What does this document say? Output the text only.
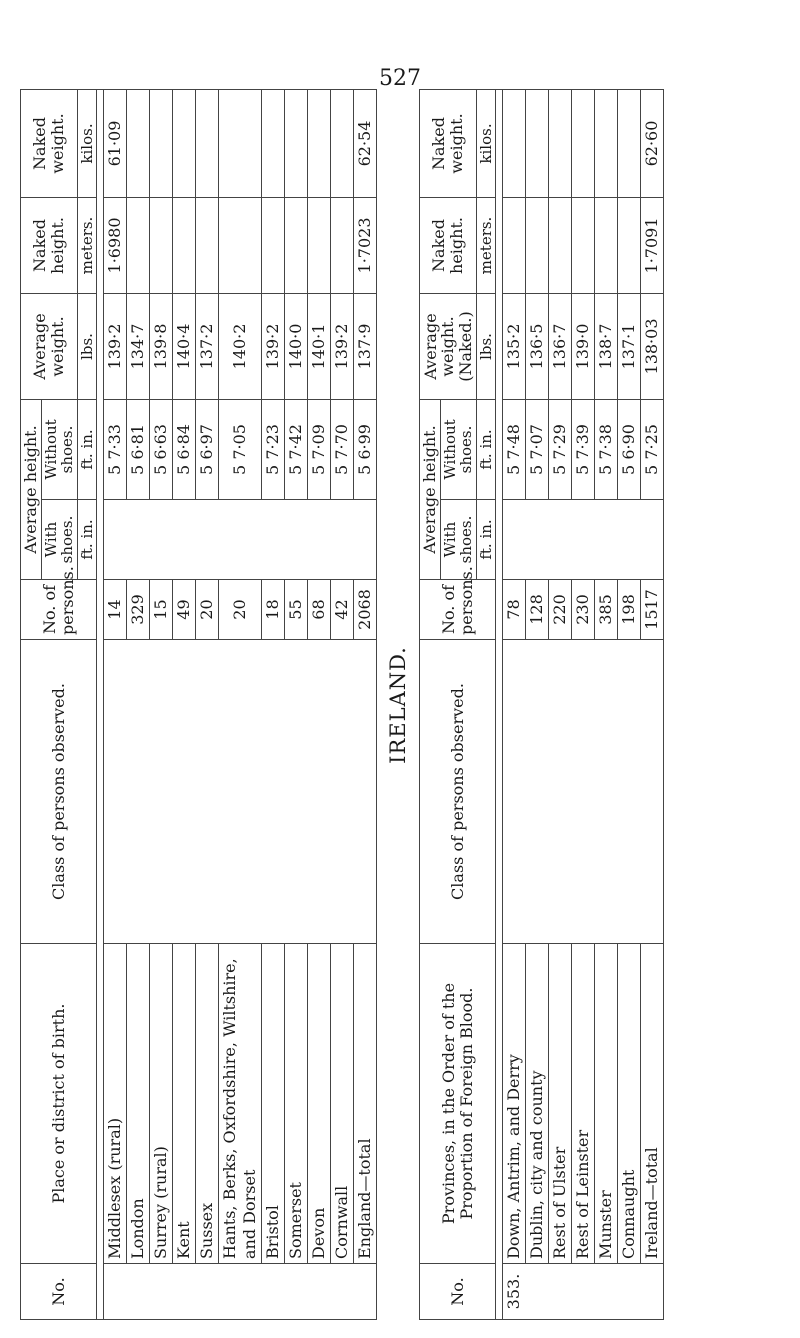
527
No.	Place or district of birth.	Class of persons observed.	No. of persons.	Average height.		Average weight.	Naked height.	Naked weight.
				With shoes.	Without shoes.			
				ft. in.	ft. in.	lbs.	meters.	kilos.

	Middlesex (rural)		14		5 7·33	139·2	1·6980	61·09
	London		329		5 6·81	134·7		
	Surrey (rural)		15		5 6·63	139·8		
	Kent		49		5 6·84	140·4		
	Sussex		20		5 6·97	137·2		
	Hants, Berks, Oxfordshire, Wiltshire, and Dorset		20		5 7·05	140·2		
	Bristol		18		5 7·23	139·2		
	Somerset		55		5 7·42	140·0		
	Devon		68		5 7·09	140·1		
	Cornwall		42		5 7·70	139·2		
	England—total		2068		5 6·99	137·9	1·7023	62·54
IRELAND.
No.	Provinces, in the Order of the Proportion of Foreign Blood.	Class of persons observed.	No. of persons.	Average height.		Average weight. (Naked.)	Naked height.	Naked weight.
				With shoes.	Without shoes.			
				ft. in.	ft. in.	lbs.	meters.	kilos.

353.	Down, Antrim, and Derry		78		5 7·48	135·2		
	Dublin, city and county		128		5 7·07	136·5		
	Rest of Ulster		220		5 7·29	136·7		
	Rest of Leinster		230		5 7·39	139·0		
	Munster		385		5 7·38	138·7		
	Connaught		198		5 6·90	137·1		
	Ireland—total		1517		5 7·25	138·03	1·7091	62·60
